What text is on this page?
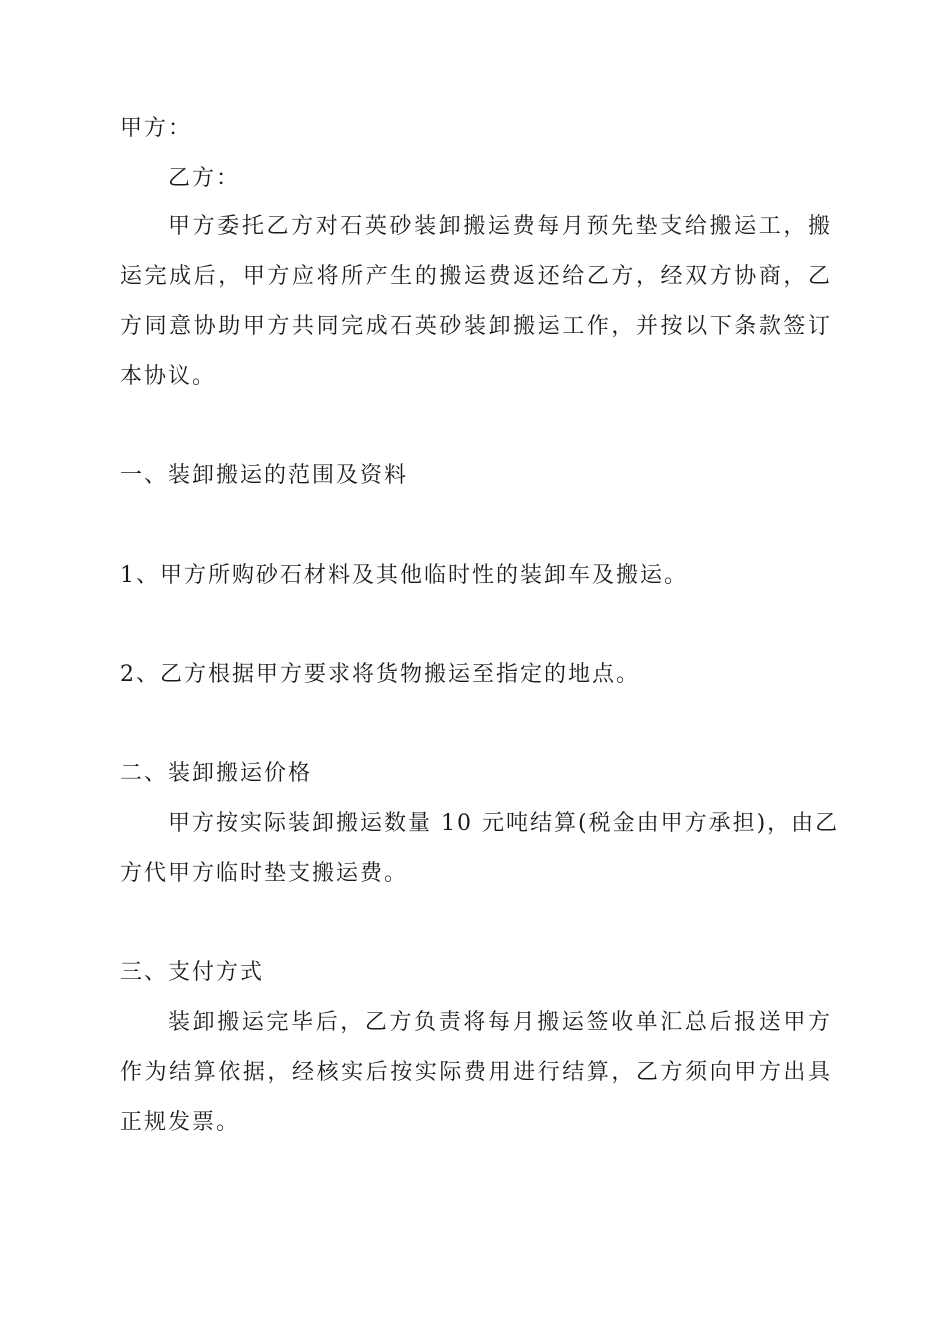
甲方：
乙方：
甲方委托乙方对石英砂装卸搬运费每月预先垫支给搬运工，搬
运完成后，甲方应将所产生的搬运费返还给乙方，经双方协商，乙
方同意协助甲方共同完成石英砂装卸搬运工作，并按以下条款签订
本协议。
一、装卸搬运的范围及资料
1、甲方所购砂石材料及其他临时性的装卸车及搬运。
2、乙方根据甲方要求将货物搬运至指定的地点。
二、装卸搬运价格
甲方按实际装卸搬运数量 10 元吨结算(税金由甲方承担)，由乙
方代甲方临时垫支搬运费。
三、支付方式
装卸搬运完毕后，乙方负责将每月搬运签收单汇总后报送甲方
作为结算依据，经核实后按实际费用进行结算，乙方须向甲方出具
正规发票。
